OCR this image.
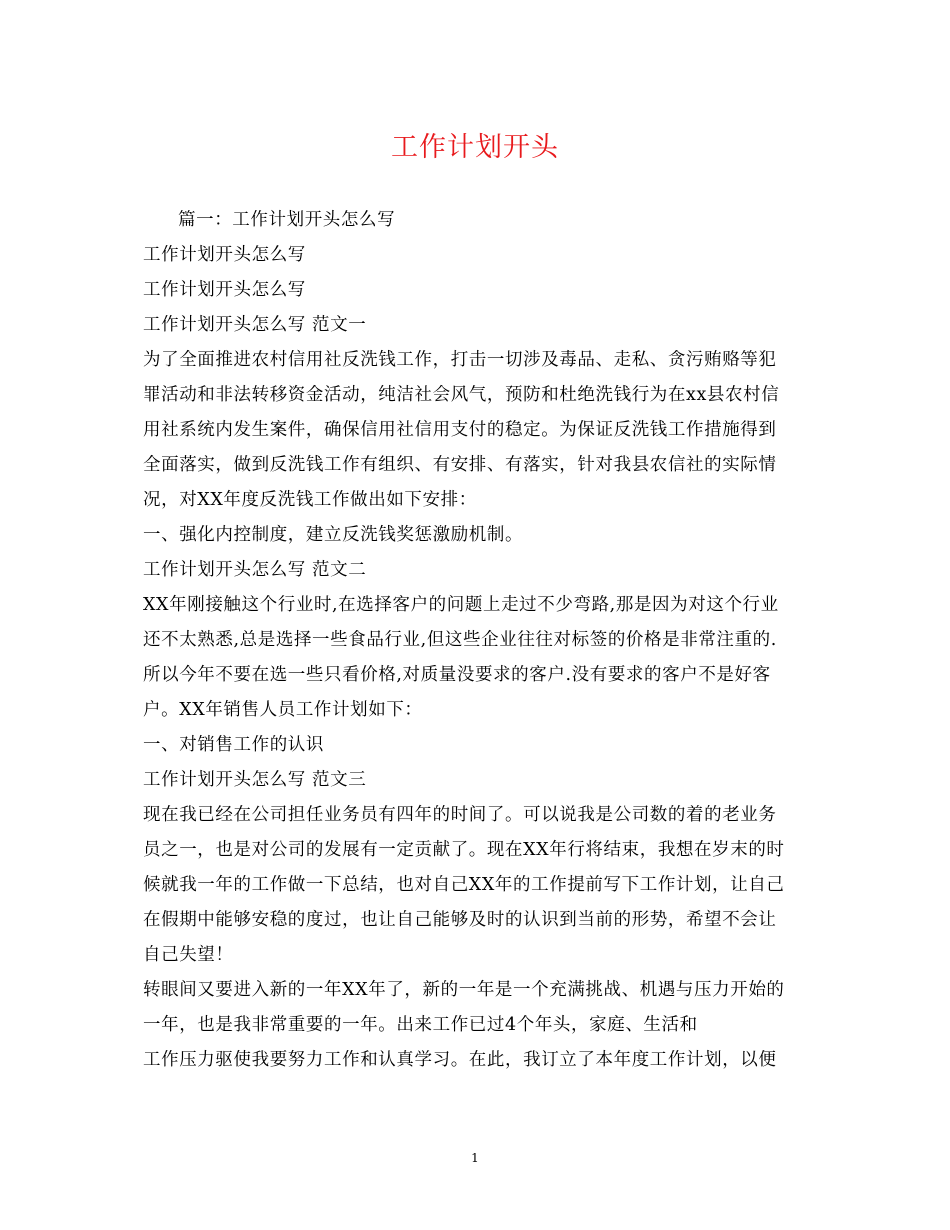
工作计划开头
篇一：工作计划开头怎么写
工作计划开头怎么写
工作计划开头怎么写
工作计划开头怎么写 范文一
为了全面推进农村信用社反洗钱工作，打击一切涉及毒品、走私、贪污贿赂等犯
罪活动和非法转移资金活动，纯洁社会风气，预防和杜绝洗钱行为在xx县农村信
用社系统内发生案件，确保信用社信用支付的稳定。为保证反洗钱工作措施得到
全面落实，做到反洗钱工作有组织、有安排、有落实，针对我县农信社的实际情
况，对XX年度反洗钱工作做出如下安排：
一、强化内控制度，建立反洗钱奖惩激励机制。
工作计划开头怎么写 范文二
XX年刚接触这个行业时,在选择客户的问题上走过不少弯路,那是因为对这个行业
还不太熟悉,总是选择一些食品行业,但这些企业往往对标签的价格是非常注重的.
所以今年不要在选一些只看价格,对质量没要求的客户.没有要求的客户不是好客
户。XX年销售人员工作计划如下：
一、对销售工作的认识
工作计划开头怎么写 范文三
现在我已经在公司担任业务员有四年的时间了。可以说我是公司数的着的老业务
员之一，也是对公司的发展有一定贡献了。现在XX年行将结束，我想在岁末的时
候就我一年的工作做一下总结，也对自己XX年的工作提前写下工作计划，让自己
在假期中能够安稳的度过，也让自己能够及时的认识到当前的形势，希望不会让
自己失望！
转眼间又要进入新的一年XX年了，新的一年是一个充满挑战、机遇与压力开始的
一年，也是我非常重要的一年。出来工作已过4个年头，家庭、生活和
工作压力驱使我要努力工作和认真学习。在此，我订立了本年度工作计划，以便
1
